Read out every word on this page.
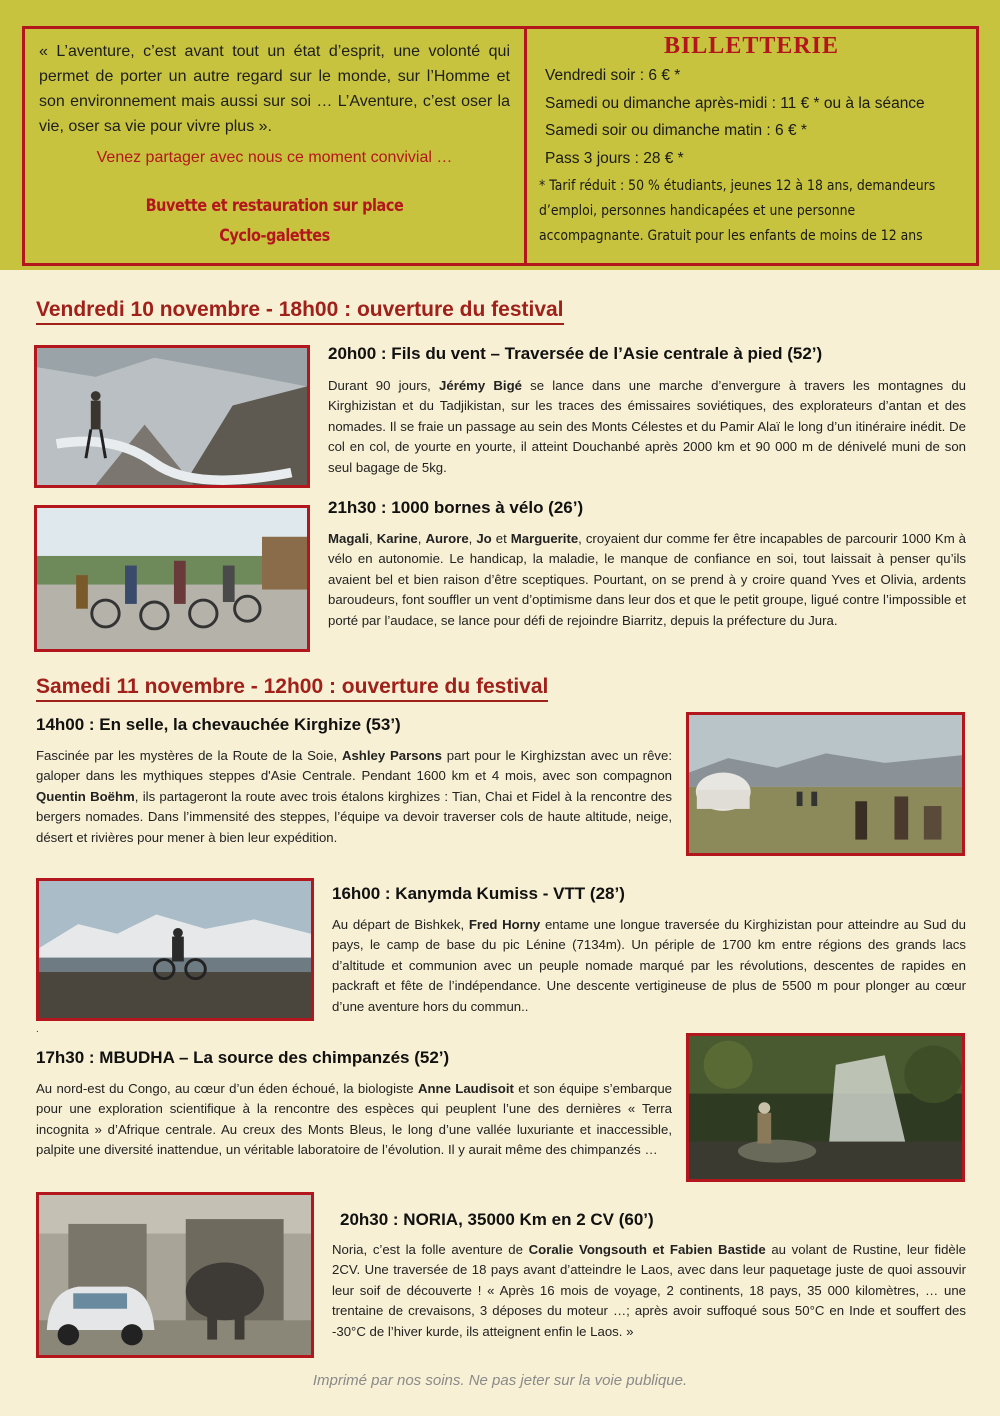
« L’aventure, c’est avant tout un état d’esprit, une volonté qui permet de porter un autre regard sur le monde, sur l’Homme et son environnement mais aussi sur soi … L’Aventure, c’est oser la vie, oser sa vie pour vivre plus ».

Venez partager avec nous ce moment convivial …

Buvette et restauration sur place
Cyclo-galettes
BILLETTERIE
Vendredi soir : 6 € *
Samedi ou dimanche après-midi : 11 € * ou à la séance
Samedi soir ou dimanche matin : 6 € *
Pass 3 jours : 28 € *
* Tarif réduit : 50 % étudiants, jeunes 12 à 18 ans, demandeurs d’emploi, personnes handicapées et une personne accompagnante. Gratuit pour les enfants de moins de 12 ans
Vendredi 10 novembre - 18h00 : ouverture du festival
20h00 : Fils du vent – Traversée de l’Asie centrale à pied (52’)

Durant 90 jours, Jérémy Bigé se lance dans une marche d’envergure à travers les montagnes du Kirghizistan et du Tadjikistan, sur les traces des émissaires soviétiques, des explorateurs d’antan et des nomades. Il se fraie un passage au sein des Monts Célestes et du Pamir Alaï le long d’un itinéraire inédit. De col en col, de yourte en yourte, il atteint Douchanbé après 2000 km et 90 000 m de dénivelé muni de son seul bagage de 5kg.

21h30 : 1000 bornes à vélo (26’)

Magali, Karine, Aurore, Jo et Marguerite, croyaient dur comme fer être incapables de parcourir 1000 Km à vélo en autonomie. Le handicap, la maladie, le manque de confiance en soi, tout laissait à penser qu’ils avaient bel et bien raison d’être sceptiques. Pourtant, on se prend à y croire quand Yves et Olivia, ardents baroudeurs, font souffler un vent d’optimisme dans leur dos et que le petit groupe, ligué contre l’impossible et porté par l’audace, se lance pour défi de rejoindre Biarritz, depuis la préfecture du Jura.

Samedi 11 novembre - 12h00 : ouverture du festival
14h00 : En selle, la chevauchée Kirghize (53’)

Fascinée par les mystères de la Route de la Soie, Ashley Parsons part pour le Kirghizstan avec un rêve: galoper dans les mythiques steppes d'Asie Centrale. Pendant 1600 km et 4 mois, avec son compagnon Quentin Boëhm, ils partageront la route avec trois étalons kirghizes : Tian, Chai et Fidel à la rencontre des bergers nomades. Dans l’immensité des steppes, l’équipe va devoir traverser cols de haute altitude, neige, désert et rivières pour mener à bien leur expédition.

16h00 : Kanymda Kumiss - VTT (28’)

Au départ de Bishkek, Fred Horny entame une longue traversée du Kirghizistan pour atteindre au Sud du pays, le camp de base du pic Lénine (7134m). Un périple de 1700 km entre régions des grands lacs d’altitude et communion avec un peuple nomade marqué par les révolutions, descentes de rapides en packraft et fête de l’indépendance. Une descente vertigineuse de plus de 5500 m pour plonger au cœur d’une aventure hors du commun..

.
17h30 : MBUDHA – La source des chimpanzés (52’)

Au nord-est du Congo, au cœur d’un éden échoué, la biologiste Anne Laudisoit et son équipe s’embarque pour une exploration scientifique à la rencontre des espèces qui peuplent l’une des dernières « Terra incognita » d’Afrique centrale. Au creux des Monts Bleus, le long d’une vallée luxuriante et inaccessible, palpite une diversité inattendue, un véritable laboratoire de l’évolution. Il y aurait même des chimpanzés …

20h30 : NORIA, 35000 Km en 2 CV (60’)

Noria, c’est la folle aventure de Coralie Vongsouth et Fabien Bastide au volant de Rustine, leur fidèle 2CV. Une traversée de 18 pays avant d’atteindre le Laos, avec dans leur paquetage juste de quoi assouvir leur soif de découverte ! « Après 16 mois de voyage, 2 continents, 18 pays, 35 000 kilomètres, … une trentaine de crevaisons, 3 déposes du moteur …; après avoir suffoqué sous 50°C en Inde et souffert des -30°C de l’hiver kurde, ils atteignent enfin le Laos. »

Imprimé par nos soins. Ne pas jeter sur la voie publique.
